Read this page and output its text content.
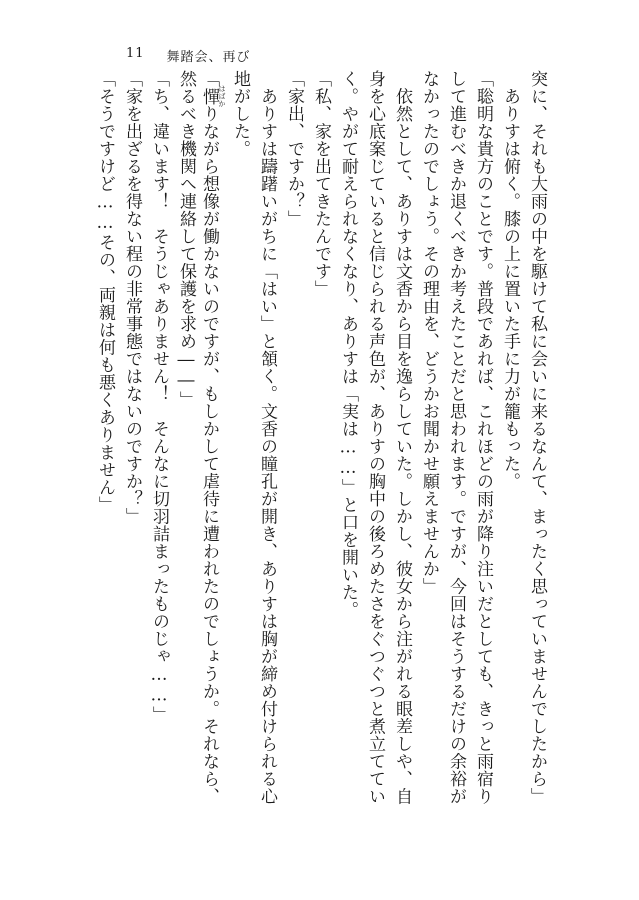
11 舞踏会、再び
突に、それも大雨の中を駆けて私に会いに来るなんて、まったく思っていませんでしたから」
　ありすは俯く。膝の上に置いた手に力が籠もった。
「聡明な貴方のことです。普段であれば、これほどの雨が降り注いだとしても、きっと雨宿り
して進むべきか退くべきか考えたことだと思われます。ですが、今回はそうするだけの余裕が
なかったのでしょう。その理由を、どうかお聞かせ願えませんか」
　依然として、ありすは文香から目を逸らしていた。しかし、彼女から注がれる眼差しや、自
身を心底案じていると信じられる声色が、ありすの胸中の後ろめたさをぐつぐつと煮立ててい
く。やがて耐えられなくなり、ありすは「実は……」と口を開いた。
「私、家を出てきたんです」
「家出、ですか？」
　ありすは躊躇いがちに「はい」と頷く。文香の瞳孔が開き、ありすは胸が締め付けられる心
地がした。
「憚 はばかりながら想像が働かないのですが、もしかして虐待に遭われたのでしょうか。それなら、
然るべき機関へ連絡して保護を求め――」
「ち、違います！　そうじゃありません！　そんなに切羽詰まったものじゃ……」
「家を出ざるを得ない程の非常事態ではないのですか？」
「そうですけど……その、両親は何も悪くありません」
